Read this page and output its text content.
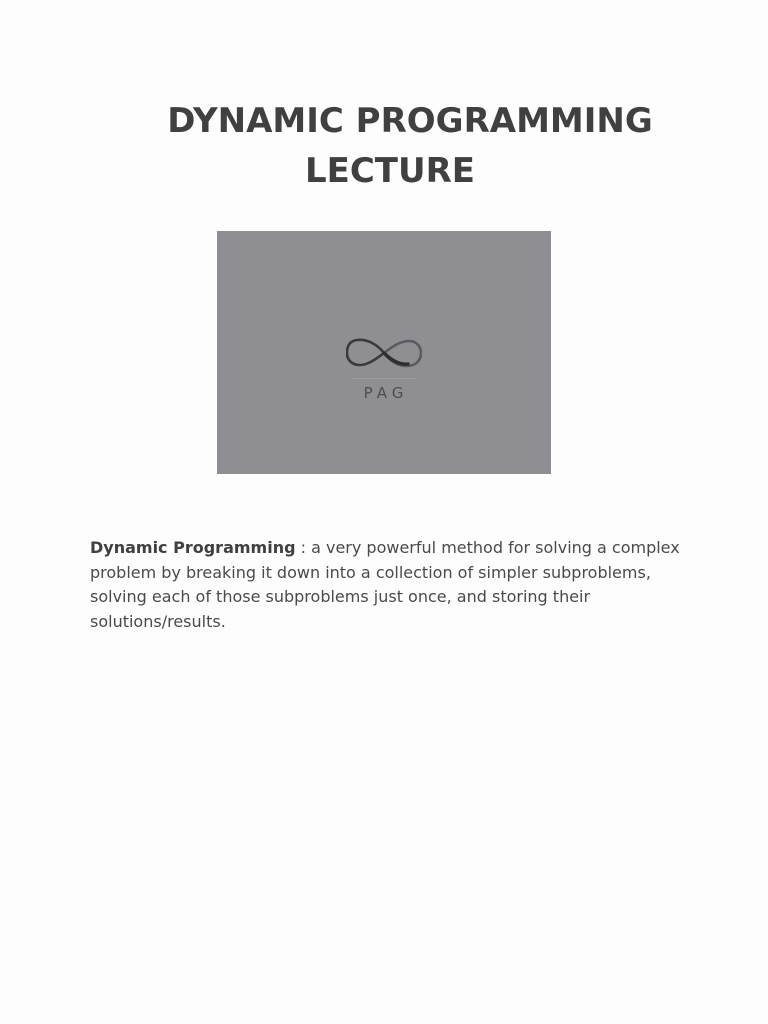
DYNAMIC PROGRAMMING
LECTURE
PAG

Dynamic Programming : a very powerful method for solving a complex problem by breaking it down into a collection of simpler subproblems, solving each of those subproblems just once, and storing their solutions/results.
